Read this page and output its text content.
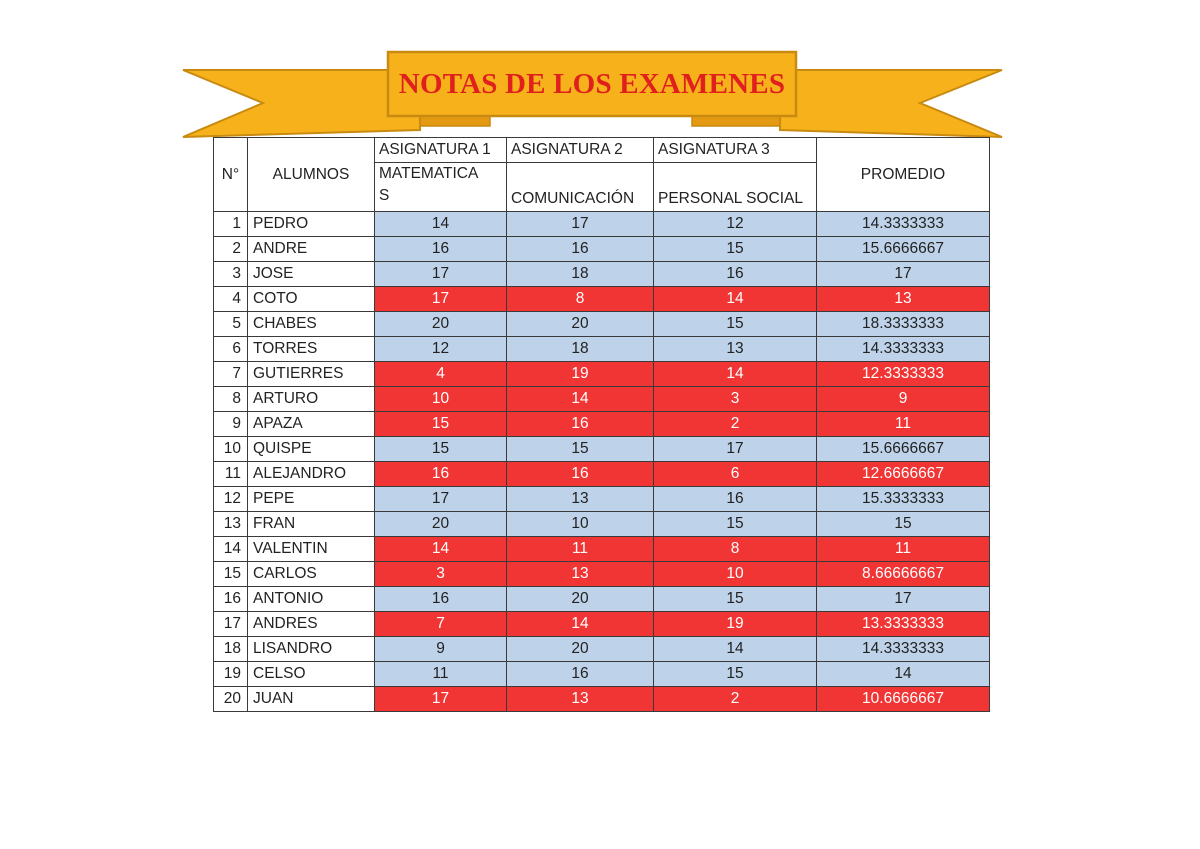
NOTAS DE LOS EXAMENES
N°	ALUMNOS	ASIGNATURA 1	ASIGNATURA 2	ASIGNATURA 3	PROMEDIO
		MATEMATICA S	COMUNICACIÓN	PERSONAL SOCIAL	

1	PEDRO	14	17	12	14.3333333
2	ANDRE	16	16	15	15.6666667
3	JOSE	17	18	16	17
4	COTO	17	8	14	13
5	CHABES	20	20	15	18.3333333
6	TORRES	12	18	13	14.3333333
7	GUTIERRES	4	19	14	12.3333333
8	ARTURO	10	14	3	9
9	APAZA	15	16	2	11
10	QUISPE	15	15	17	15.6666667
11	ALEJANDRO	16	16	6	12.6666667
12	PEPE	17	13	16	15.3333333
13	FRAN	20	10	15	15
14	VALENTIN	14	11	8	11
15	CARLOS	3	13	10	8.66666667
16	ANTONIO	16	20	15	17
17	ANDRES	7	14	19	13.3333333
18	LISANDRO	9	20	14	14.3333333
19	CELSO	11	16	15	14
20	JUAN	17	13	2	10.6666667
